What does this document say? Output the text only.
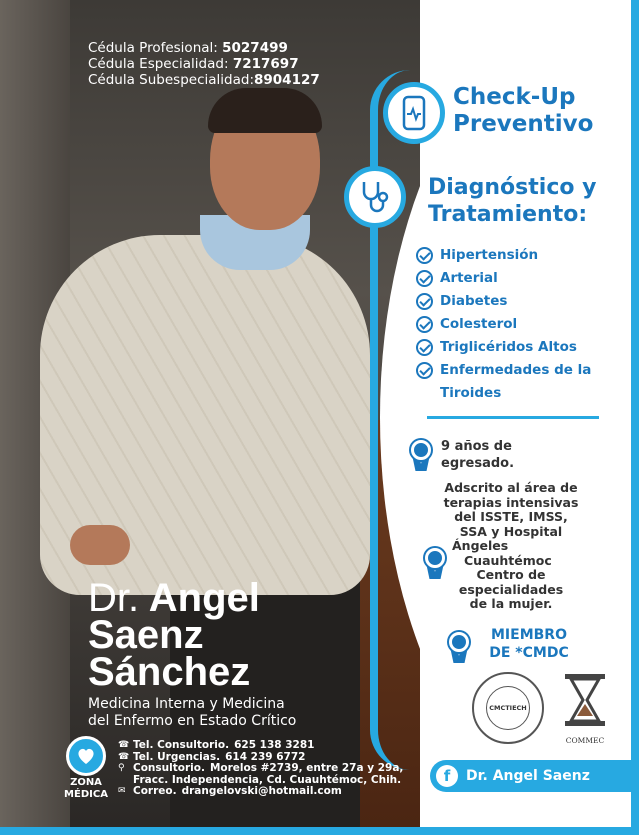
Cédula Profesional: 5027499
Cédula Especialidad: 7217697
Cédula Subespecialidad:8904127
Check-Up
Preventivo
Diagnóstico y
Tratamiento:
Hipertensión
Arterial
Diabetes
Colesterol
Triglicéridos Altos
Enfermedades de la
Tiroides
9 años de
egresado.
Adscrito al área de
terapias intensivas
del ISSTE, IMSS,
SSA y Hospital
Ángeles
Cuauhtémoc
Centro de
especialidades
de la mujer.
MIEMBRO
DE *CMDC
CMCTIECH
COMMEC
f	Dr. Angel Saenz
Dr. Angel
Saenz
Sánchez
Medicina Interna y Medicina
del Enfermo en Estado Crítico
ZONA
MÉDICA
☎ Tel. Consultorio. 625 138 3281
☎ Tel. Urgencias. 614 239 6772
⚲ Consultorio. Morelos #2739, entre 27a y 29a,
Fracc. Independencia, Cd. Cuauhtémoc, Chih.
✉ Correo. drangelovski@hotmail.com
